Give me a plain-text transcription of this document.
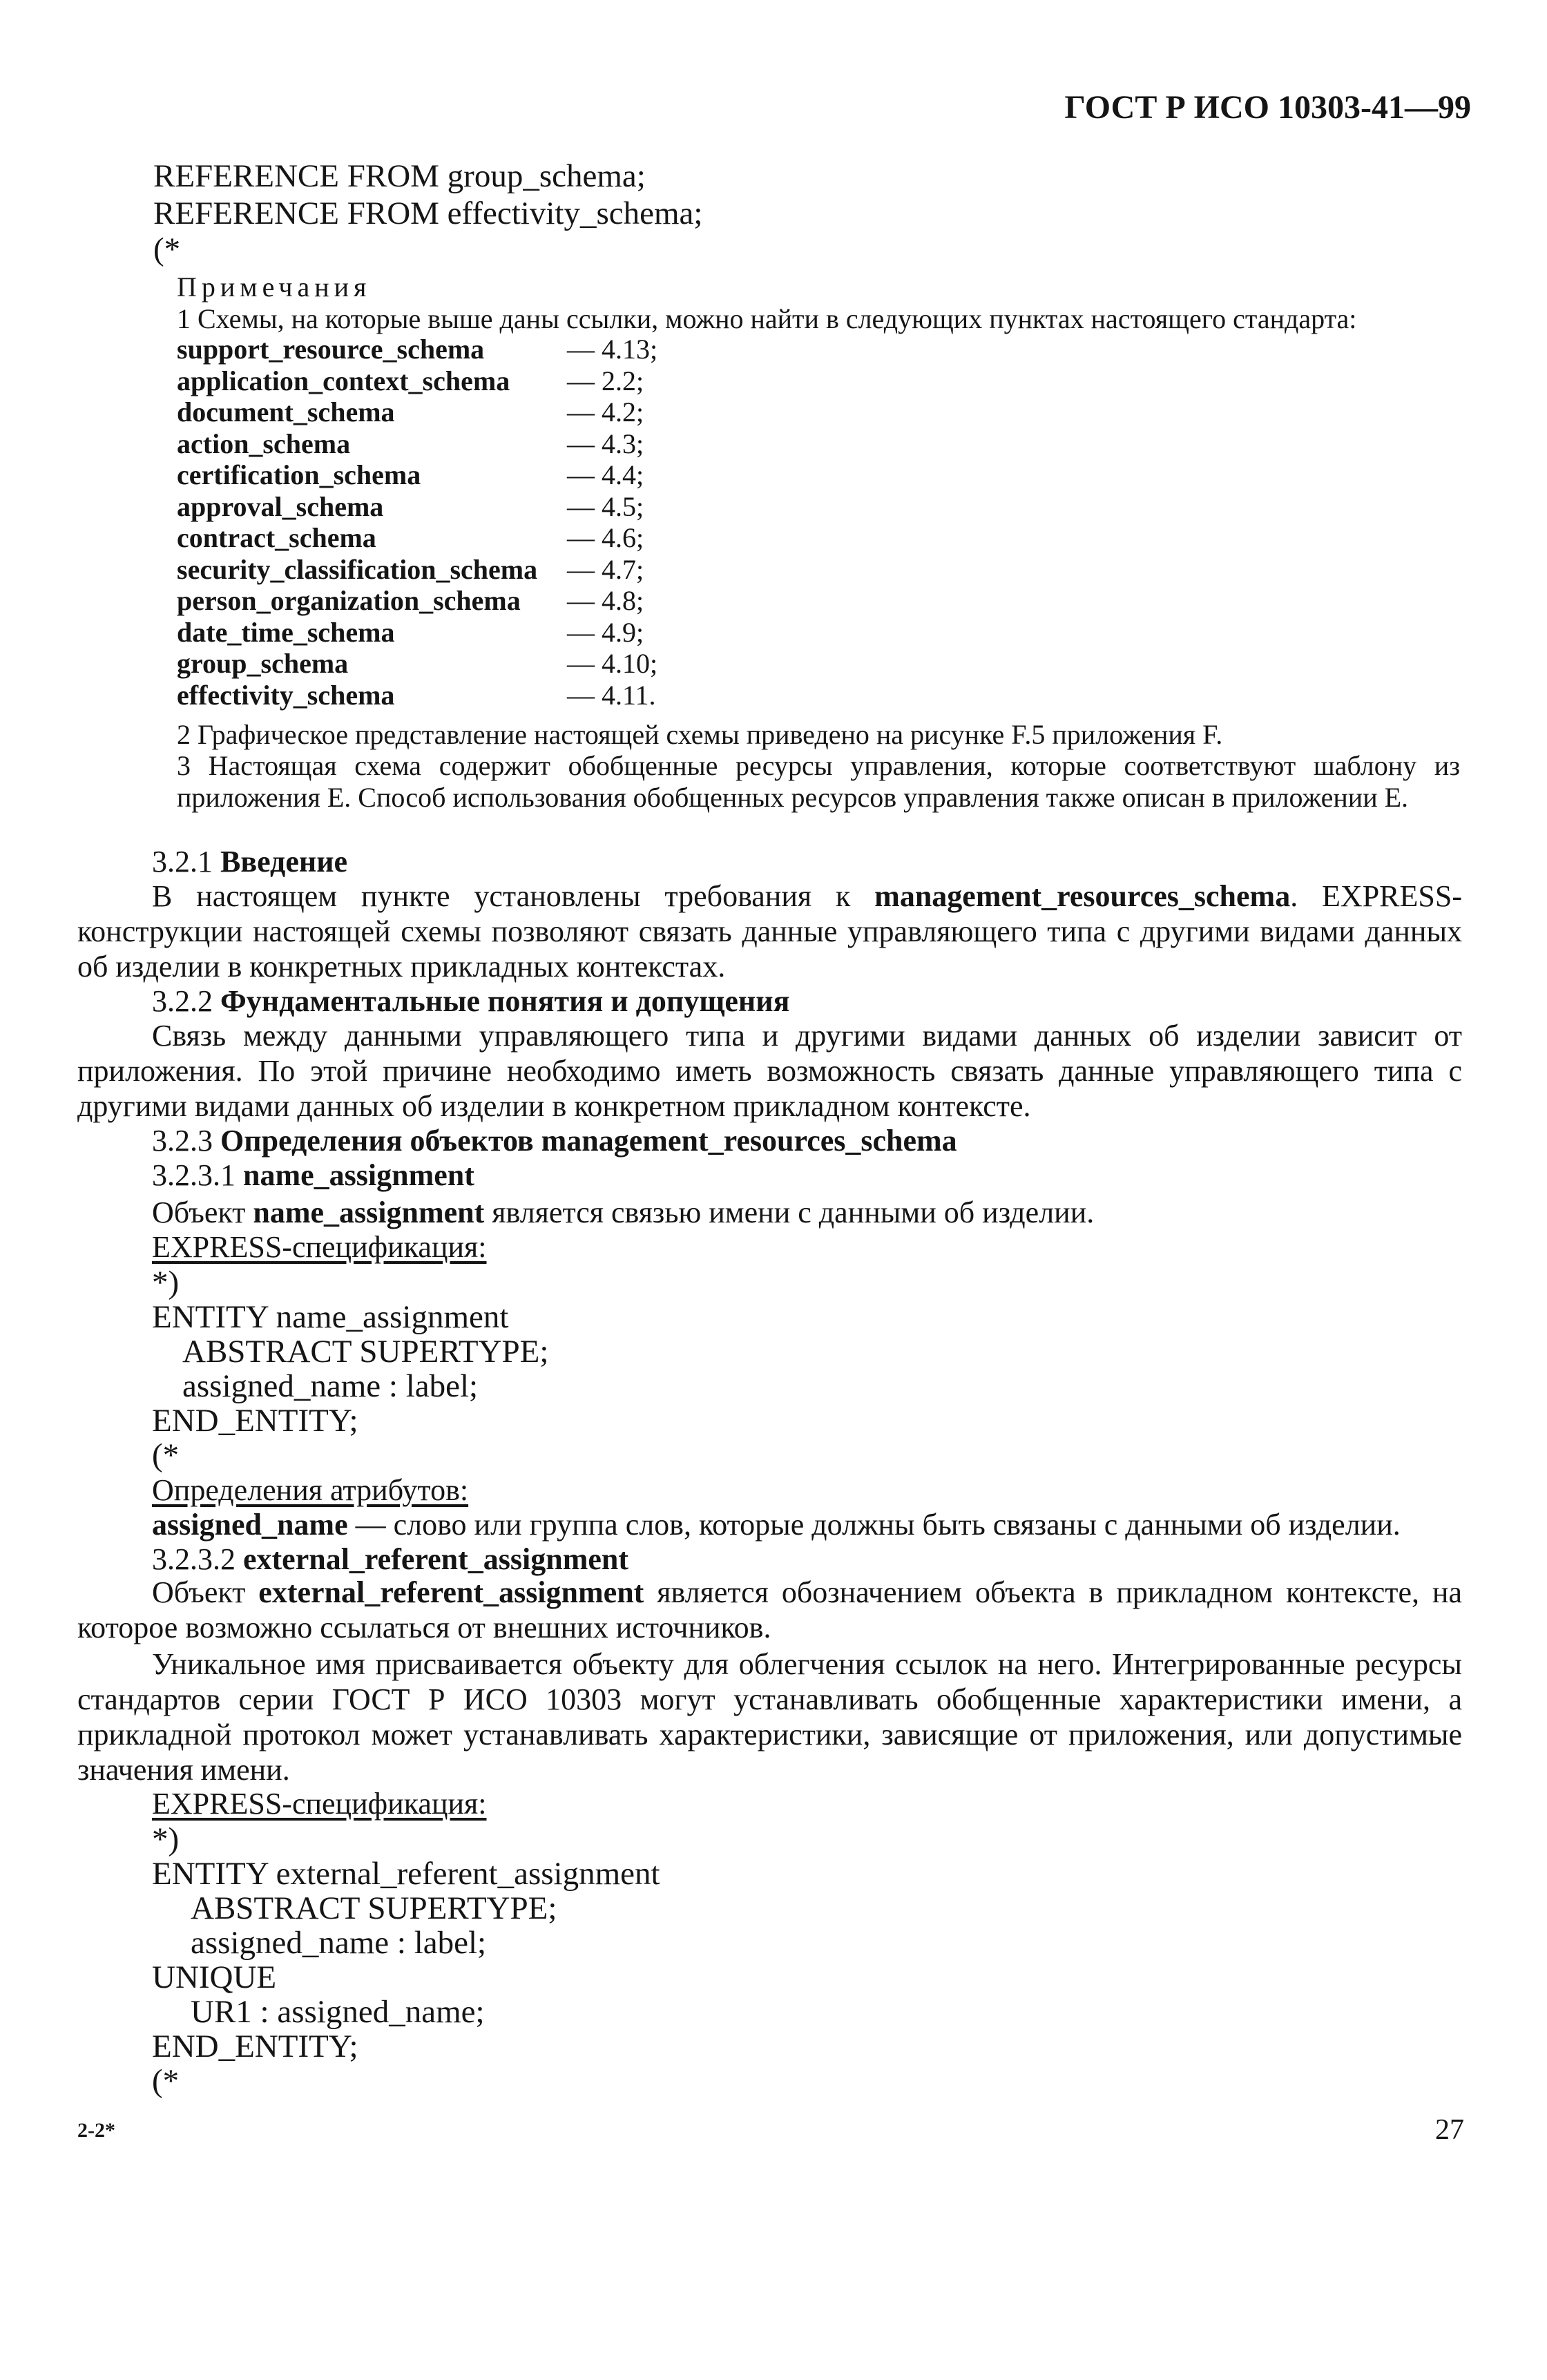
ГОСТ Р ИСО 10303-41—99
REFERENCE FROM group_schema;
REFERENCE FROM effectivity_schema;
(*
Примечания
1 Схемы, на которые выше даны ссылки, можно найти в следующих пунктах настоящего стандарта:
support_resource_schema	— 4.13;
application_context_schema — 2.2;
document_schema	— 4.2;
action_schema	— 4.3;
certification_schema	— 4.4;
approval_schema	— 4.5;
contract_schema	— 4.6;
security_classification_schema — 4.7;
person_organization_schema — 4.8;
date_time_schema	— 4.9;
group_schema	— 4.10;
effectivity_schema	— 4.11.
2 Графическое представление настоящей схемы приведено на рисунке F.5 приложения F.
3 Настоящая схема содержит обобщенные ресурсы управления, которые соответствуют шаблону из приложения E. Способ использования обобщенных ресурсов управления также описан в приложении E.
3.2.1 Введение
В настоящем пункте установлены требования к management_resources_schema. EXPRESS-конструкции настоящей схемы позволяют связать данные управляющего типа с другими видами данных об изделии в конкретных прикладных контекстах.
3.2.2 Фундаментальные понятия и допущения
Связь между данными управляющего типа и другими видами данных об изделии зависит от приложения. По этой причине необходимо иметь возможность связать данные управляющего типа с другими видами данных об изделии в конкретном прикладном контексте.
3.2.3 Определения объектов management_resources_schema
3.2.3.1 name_assignment
Объект name_assignment является связью имени с данными об изделии.
EXPRESS-спецификация:
*)
ENTITY name_assignment
ABSTRACT SUPERTYPE;
assigned_name : label;
END_ENTITY;
(*
Определения атрибутов:
assigned_name — слово или группа слов, которые должны быть связаны с данными об изделии.
3.2.3.2 external_referent_assignment
Объект external_referent_assignment является обозначением объекта в прикладном контексте, на которое возможно ссылаться от внешних источников.
Уникальное имя присваивается объекту для облегчения ссылок на него. Интегрированные ресурсы стандартов серии ГОСТ Р ИСО 10303 могут устанавливать обобщенные характеристики имени, а прикладной протокол может устанавливать характеристики, зависящие от приложения, или допустимые значения имени.
EXPRESS-спецификация:
*)
ENTITY external_referent_assignment
ABSTRACT SUPERTYPE;
assigned_name : label;
UNIQUE
UR1 : assigned_name;
END_ENTITY;
(*
2-2*	27
